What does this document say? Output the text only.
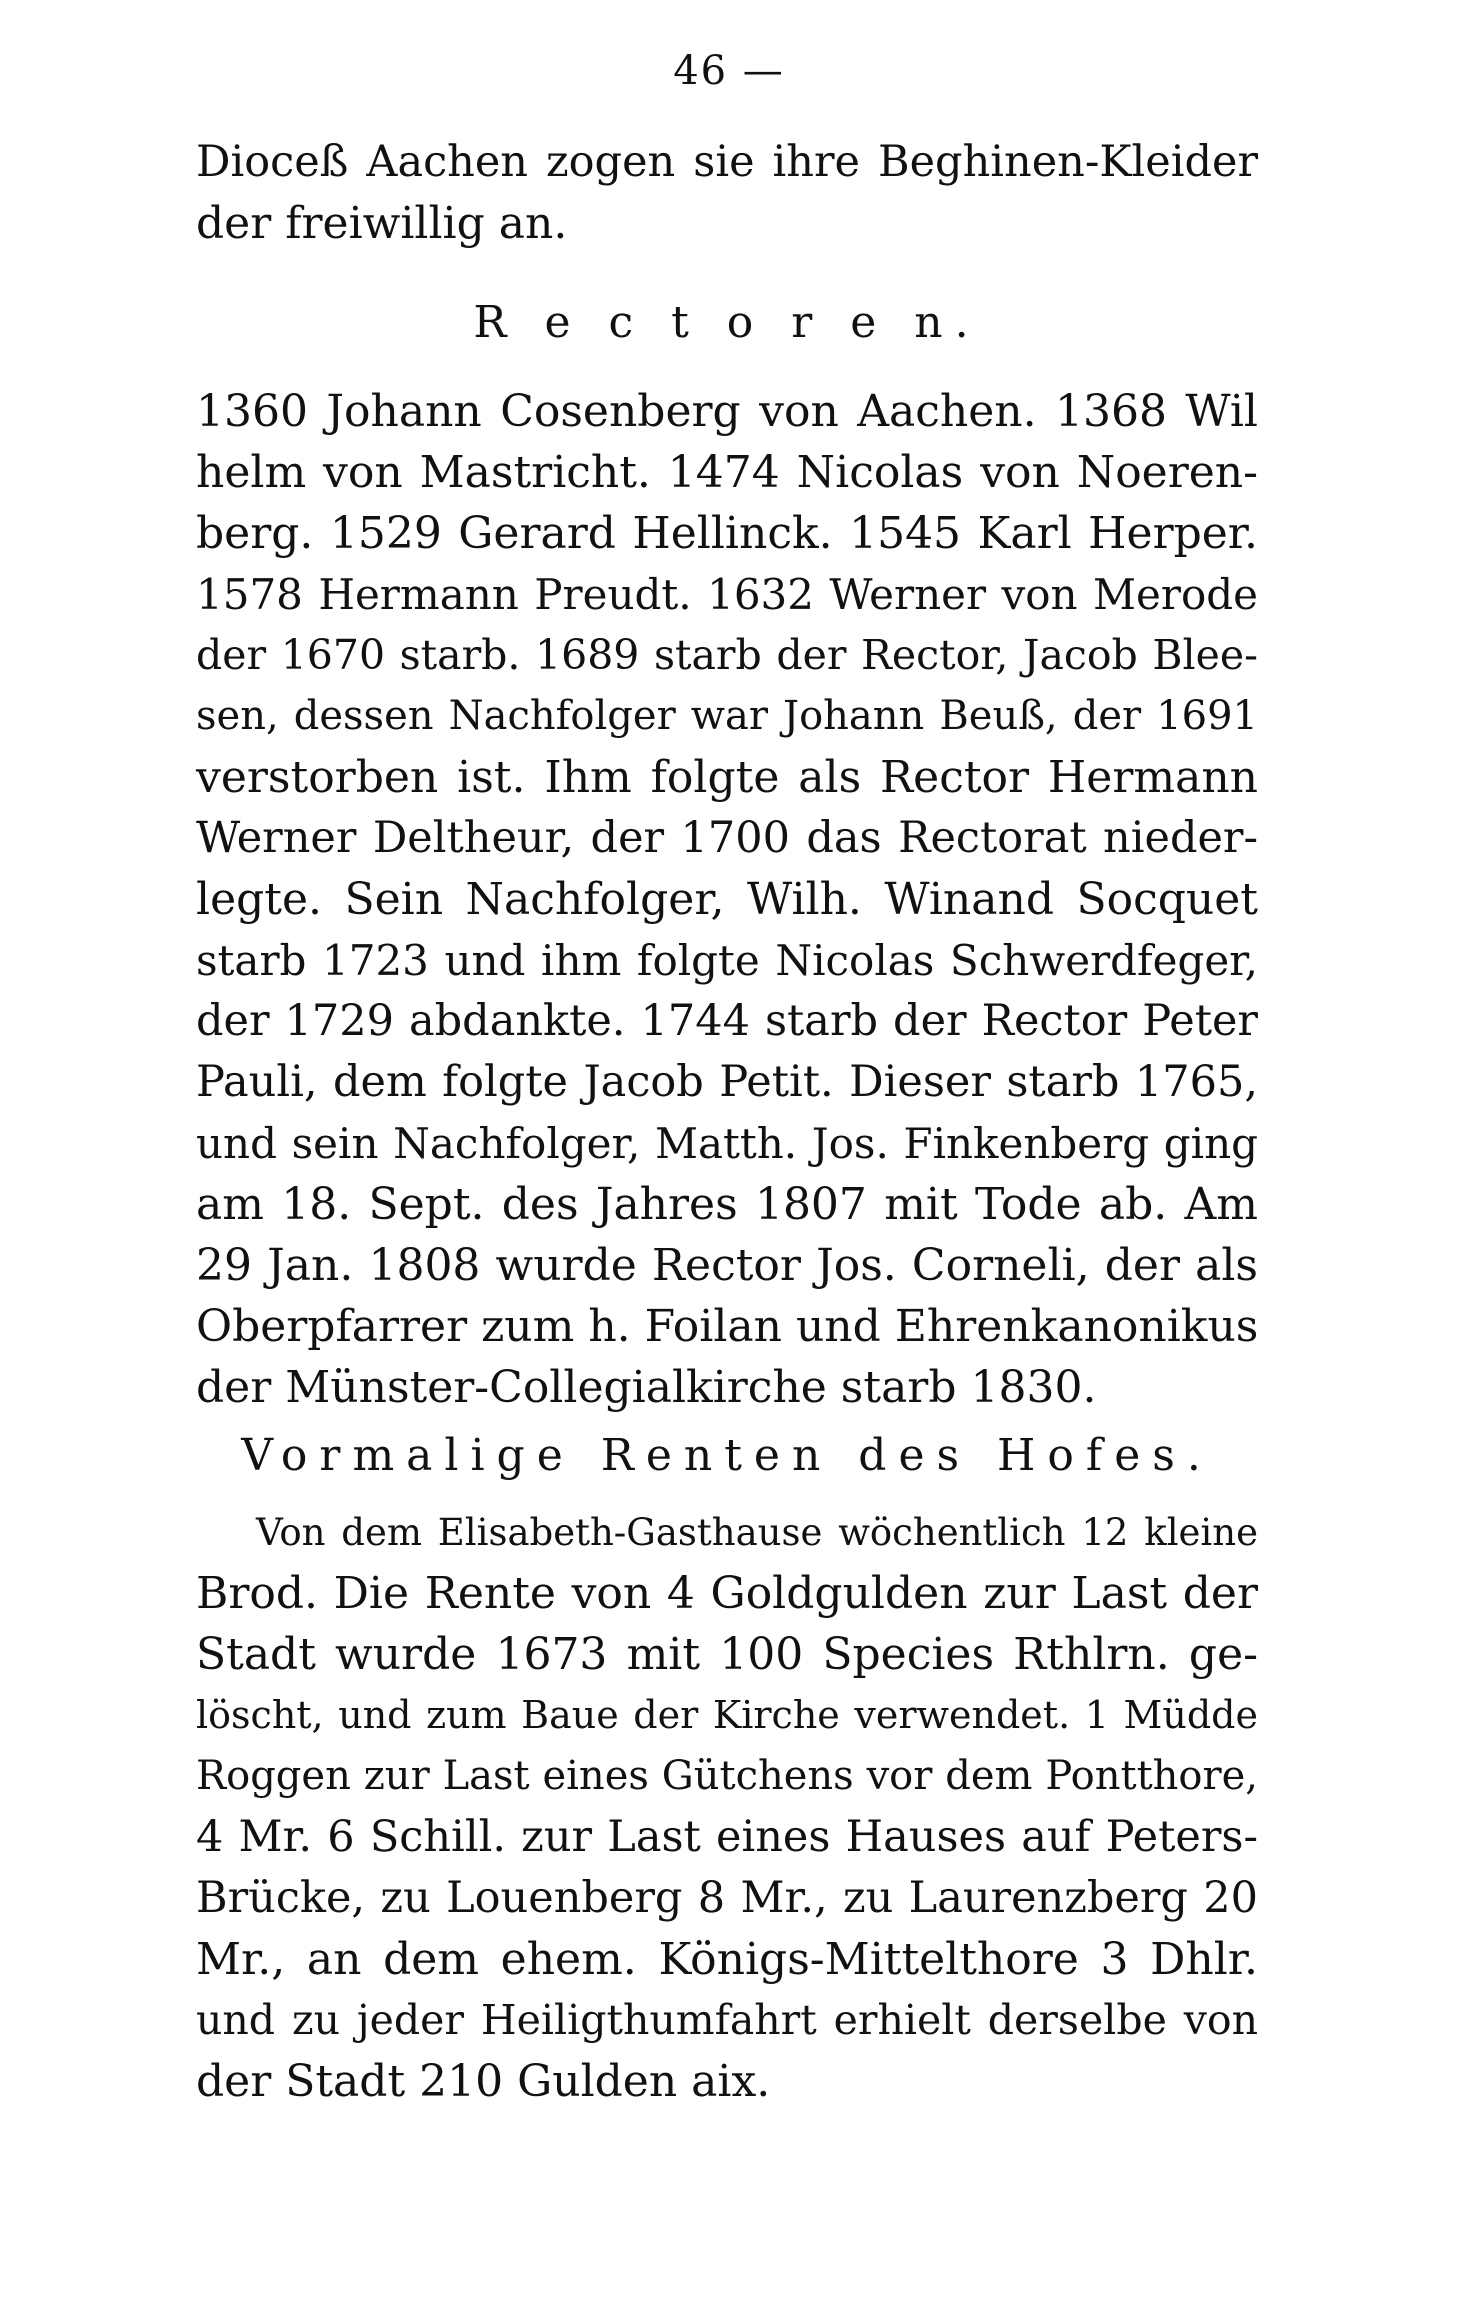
46 —
Dioceß Aachen zogen sie ihre Beghinen-Kleider
der freiwillig an.
R e c t o r e n.
1360 Johann Cosenberg von Aachen. 1368 Wil
helm von Mastricht. 1474 Nicolas von Noeren-
berg. 1529 Gerard Hellinck. 1545 Karl Herper.
1578 Hermann Preudt. 1632 Werner von Merode
der 1670 starb. 1689 starb der Rector, Jacob Blee-
sen, dessen Nachfolger war Johann Beuß, der 1691
verstorben ist. Ihm folgte als Rector Hermann
Werner Deltheur, der 1700 das Rectorat nieder-
legte. Sein Nachfolger, Wilh. Winand Socquet
starb 1723 und ihm folgte Nicolas Schwerdfeger,
der 1729 abdankte. 1744 starb der Rector Peter
Pauli, dem folgte Jacob Petit. Dieser starb 1765,
und sein Nachfolger, Matth. Jos. Finkenberg ging
am 18. Sept. des Jahres 1807 mit Tode ab. Am
29 Jan. 1808 wurde Rector Jos. Corneli, der als
Oberpfarrer zum h. Foilan und Ehrenkanonikus
der Münster-Collegialkirche starb 1830.
Vormalige Renten des Hofes.
Von dem Elisabeth-Gasthause wöchentlich 12 kleine
Brod. Die Rente von 4 Goldgulden zur Last der
Stadt wurde 1673 mit 100 Species Rthlrn. ge-
löscht, und zum Baue der Kirche verwendet. 1 Müdde
Roggen zur Last eines Gütchens vor dem Pontthore,
4 Mr. 6 Schill. zur Last eines Hauses auf Peters-
Brücke, zu Louenberg 8 Mr., zu Laurenzberg 20
Mr., an dem ehem. Königs-Mittelthore 3 Dhlr.
und zu jeder Heiligthumfahrt erhielt derselbe von
der Stadt 210 Gulden aix.
